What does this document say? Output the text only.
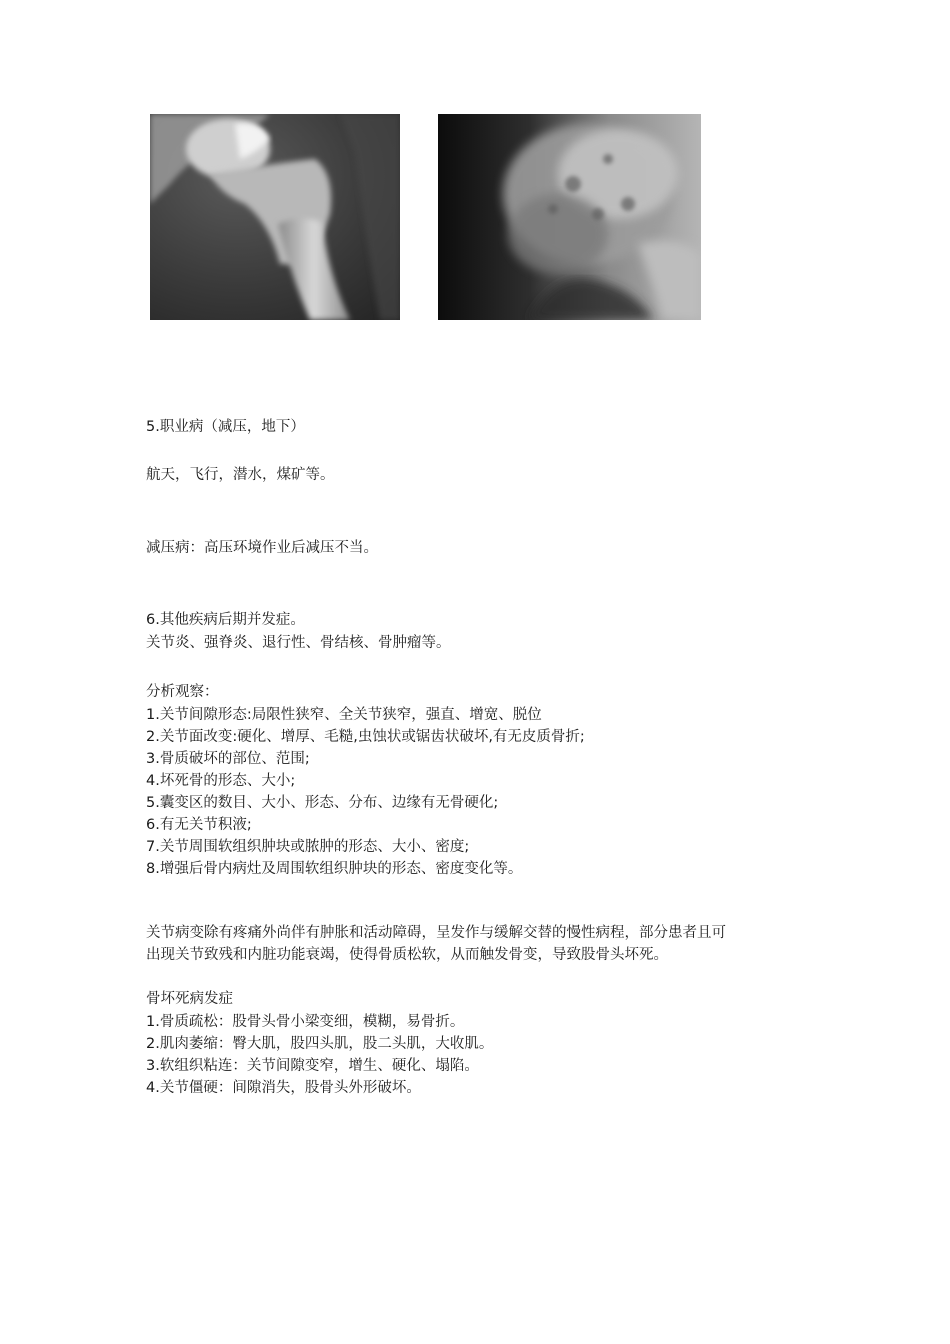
5.职业病（减压，地下）
航天，飞行，潜水，煤矿等。
减压病：高压环境作业后减压不当。
6.其他疾病后期并发症。
关节炎、强脊炎、退行性、骨结核、骨肿瘤等。
分析观察：
1.关节间隙形态:局限性狭窄、全关节狭窄，强直、增宽、脱位
2.关节面改变:硬化、增厚、毛糙,虫蚀状或锯齿状破坏,有无皮质骨折;
3.骨质破坏的部位、范围;
4.坏死骨的形态、大小;
5.囊变区的数目、大小、形态、分布、边缘有无骨硬化;
6.有无关节积液;
7.关节周围软组织肿块或脓肿的形态、大小、密度;
8.增强后骨内病灶及周围软组织肿块的形态、密度变化等。
关节病变除有疼痛外尚伴有肿胀和活动障碍，呈发作与缓解交替的慢性病程，部分患者且可
出现关节致残和内脏功能衰竭，使得骨质松软，从而触发骨变，导致股骨头坏死。
骨坏死病发症
1.骨质疏松：股骨头骨小梁变细，模糊，易骨折。
2.肌肉萎缩：臀大肌，股四头肌，股二头肌，大收肌。
3.软组织粘连：关节间隙变窄，增生、硬化、塌陷。
4.关节僵硬：间隙消失，股骨头外形破坏。
